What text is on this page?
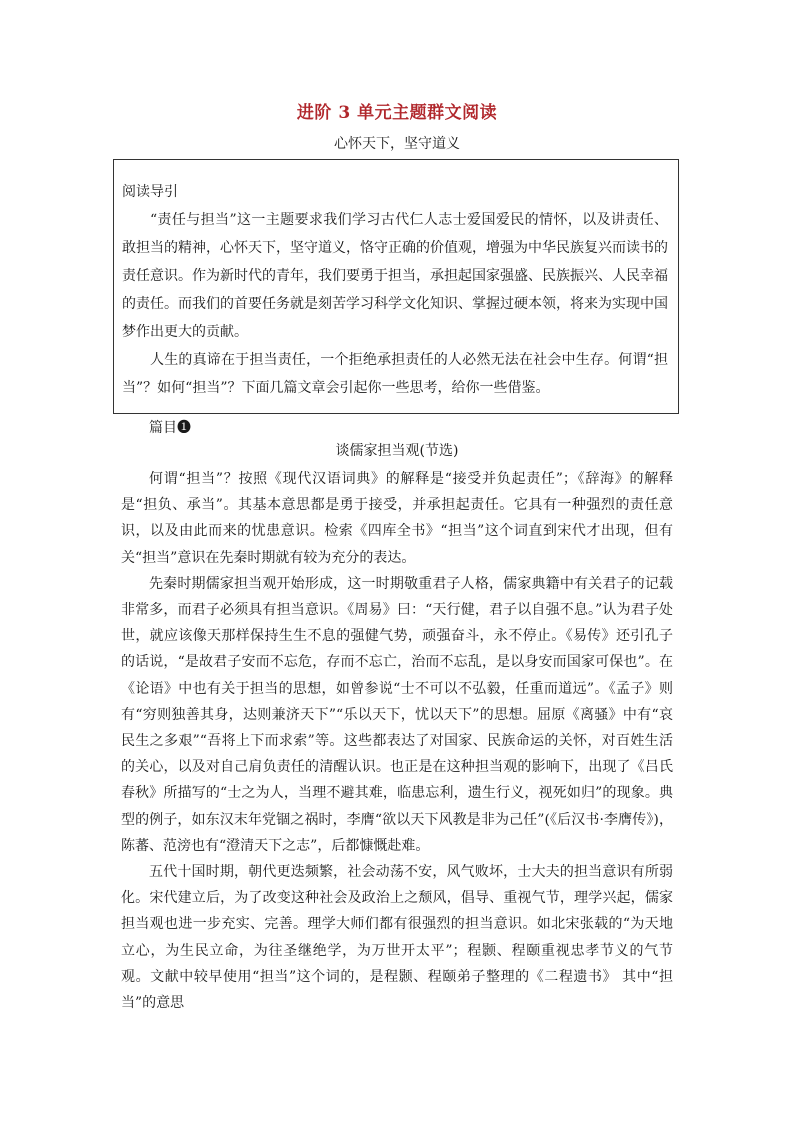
进阶 3 单元主题群文阅读
心怀天下，坚守道义

阅读导引

“责任与担当”这一主题要求我们学习古代仁人志士爱国爱民的情怀，以及讲责任、敢担当的精神，心怀天下，坚守道义，恪守正确的价值观，增强为中华民族复兴而读书的责任意识。作为新时代的青年，我们要勇于担当，承担起国家强盛、民族振兴、人民幸福的责任。而我们的首要任务就是刻苦学习科学文化知识、掌握过硬本领，将来为实现中国梦作出更大的贡献。

人生的真谛在于担当责任，一个拒绝承担责任的人必然无法在社会中生存。何谓“担当”？如何“担当”？下面几篇文章会引起你一些思考，给你一些借鉴。

篇目❶
谈儒家担当观(节选)

何谓“担当”？按照《现代汉语词典》的解释是“接受并负起责任”；《辞海》的解释是“担负、承当”。其基本意思都是勇于接受，并承担起责任。它具有一种强烈的责任意识，以及由此而来的忧患意识。检索《四库全书》“担当”这个词直到宋代才出现，但有关“担当”意识在先秦时期就有较为充分的表达。

先秦时期儒家担当观开始形成，这一时期敬重君子人格，儒家典籍中有关君子的记载非常多，而君子必须具有担当意识。《周易》曰：“天行健，君子以自强不息。”认为君子处世，就应该像天那样保持生生不息的强健气势，顽强奋斗，永不停止。《易传》还引孔子的话说，“是故君子安而不忘危，存而不忘亡，治而不忘乱，是以身安而国家可保也”。在《论语》中也有关于担当的思想，如曾参说“士不可以不弘毅，任重而道远”。《孟子》则有“穷则独善其身，达则兼济天下”“乐以天下，忧以天下”的思想。屈原《离骚》中有“哀民生之多艰”“吾将上下而求索”等。这些都表达了对国家、民族命运的关怀，对百姓生活的关心，以及对自己肩负责任的清醒认识。也正是在这种担当观的影响下，出现了《吕氏春秋》所描写的“士之为人，当理不避其难，临患忘利，遗生行义，视死如归”的现象。典型的例子，如东汉末年党锢之祸时，李膺“欲以天下风教是非为己任”(《后汉书·李膺传》)，陈蕃、范滂也有“澄清天下之志”，后都慷慨赴难。

五代十国时期，朝代更迭频繁，社会动荡不安，风气败坏，士大夫的担当意识有所弱化。宋代建立后，为了改变这种社会及政治上之颓风，倡导、重视气节，理学兴起，儒家担当观也进一步充实、完善。理学大师们都有很强烈的担当意识。如北宋张载的“为天地立心，为生民立命，为往圣继绝学，为万世开太平”；程颢、程颐重视忠孝节义的气节观。文献中较早使用“担当”这个词的，是程颢、程颐弟子整理的《二程遗书》 其中“担当”的意思
